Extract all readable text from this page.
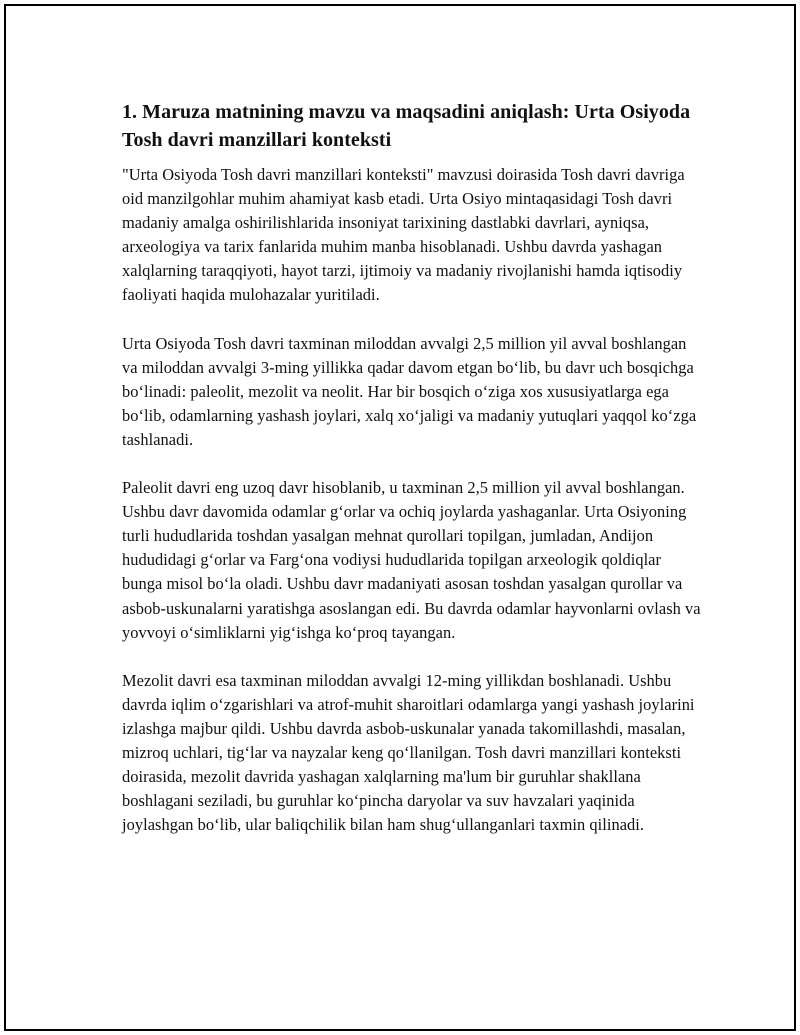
1. Maruza matnining mavzu va maqsadini aniqlash: Urta Osiyoda Tosh davri manzillari konteksti

"Urta Osiyoda Tosh davri manzillari konteksti" mavzusi doirasida Tosh davri davriga oid manzilgohlar muhim ahamiyat kasb etadi. Urta Osiyo mintaqasidagi Tosh davri madaniy amalga oshirilishlarida insoniyat tarixining dastlabki davrlari, ayniqsa, arxeologiya va tarix fanlarida muhim manba hisoblanadi. Ushbu davrda yashagan xalqlarning taraqqiyoti, hayot tarzi, ijtimoiy va madaniy rivojlanishi hamda iqtisodiy faoliyati haqida mulohazalar yuritiladi.

Urta Osiyoda Tosh davri taxminan miloddan avvalgi 2,5 million yil avval boshlangan va miloddan avvalgi 3-ming yillikka qadar davom etgan bo‘lib, bu davr uch bosqichga bo‘linadi: paleolit, mezolit va neolit. Har bir bosqich o‘ziga xos xususiyatlarga ega bo‘lib, odamlarning yashash joylari, xalq xo‘jaligi va madaniy yutuqlari yaqqol ko‘zga tashlanadi.

Paleolit davri eng uzoq davr hisoblanib, u taxminan 2,5 million yil avval boshlangan. Ushbu davr davomida odamlar g‘orlar va ochiq joylarda yashaganlar. Urta Osiyoning turli hududlarida toshdan yasalgan mehnat qurollari topilgan, jumladan, Andijon hududidagi g‘orlar va Farg‘ona vodiysi hududlarida topilgan arxeologik qoldiqlar bunga misol bo‘la oladi. Ushbu davr madaniyati asosan toshdan yasalgan qurollar va asbob-uskunalarni yaratishga asoslangan edi. Bu davrda odamlar hayvonlarni ovlash va yovvoyi o‘simliklarni yig‘ishga ko‘proq tayangan.

Mezolit davri esa taxminan miloddan avvalgi 12-ming yillikdan boshlanadi. Ushbu davrda iqlim o‘zgarishlari va atrof-muhit sharoitlari odamlarga yangi yashash joylarini izlashga majbur qildi. Ushbu davrda asbob-uskunalar yanada takomillashdi, masalan, mizroq uchlari, tig‘lar va nayzalar keng qo‘llanilgan. Tosh davri manzillari konteksti doirasida, mezolit davrida yashagan xalqlarning ma'lum bir guruhlar shakllana boshlagani seziladi, bu guruhlar ko‘pincha daryolar va suv havzalari yaqinida joylashgan bo‘lib, ular baliqchilik bilan ham shug‘ullanganlari taxmin qilinadi.
